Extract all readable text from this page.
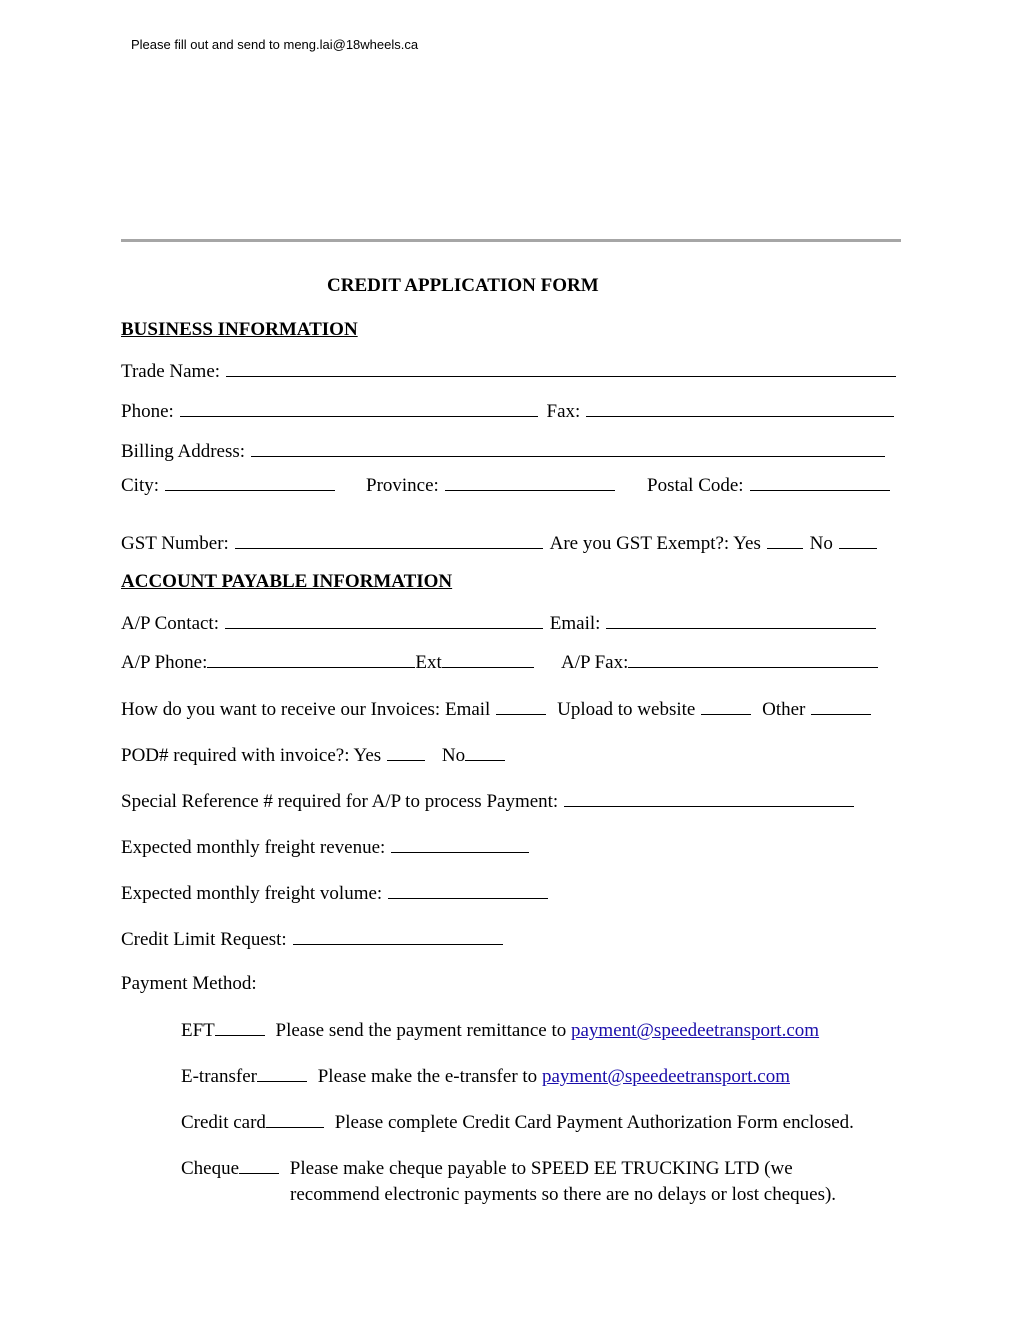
Please fill out and send to meng.lai@18wheels.ca
CREDIT APPLICATION FORM
BUSINESS INFORMATION
Trade Name:
Phone:	Fax:
Billing Address:
City:	Province:	Postal Code:
GST Number:	Are you GST Exempt?: Yes	No
ACCOUNT PAYABLE INFORMATION
A/P Contact:	Email:
A/P Phone:	Ext	A/P Fax:
How do you want to receive our Invoices: Email	Upload to website	Other
POD# required with invoice?: Yes	No
Special Reference # required for A/P to process Payment:
Expected monthly freight revenue:
Expected monthly freight volume:
Credit Limit Request:
Payment Method:
EFT	Please send the payment remittance to payment@speedeetransport.com
E-transfer	Please make the e-transfer to payment@speedeetransport.com
Credit card	Please complete Credit Card Payment Authorization Form enclosed.
Cheque	Please make cheque payable to SPEED EE TRUCKING LTD (we
recommend electronic payments so there are no delays or lost cheques).
